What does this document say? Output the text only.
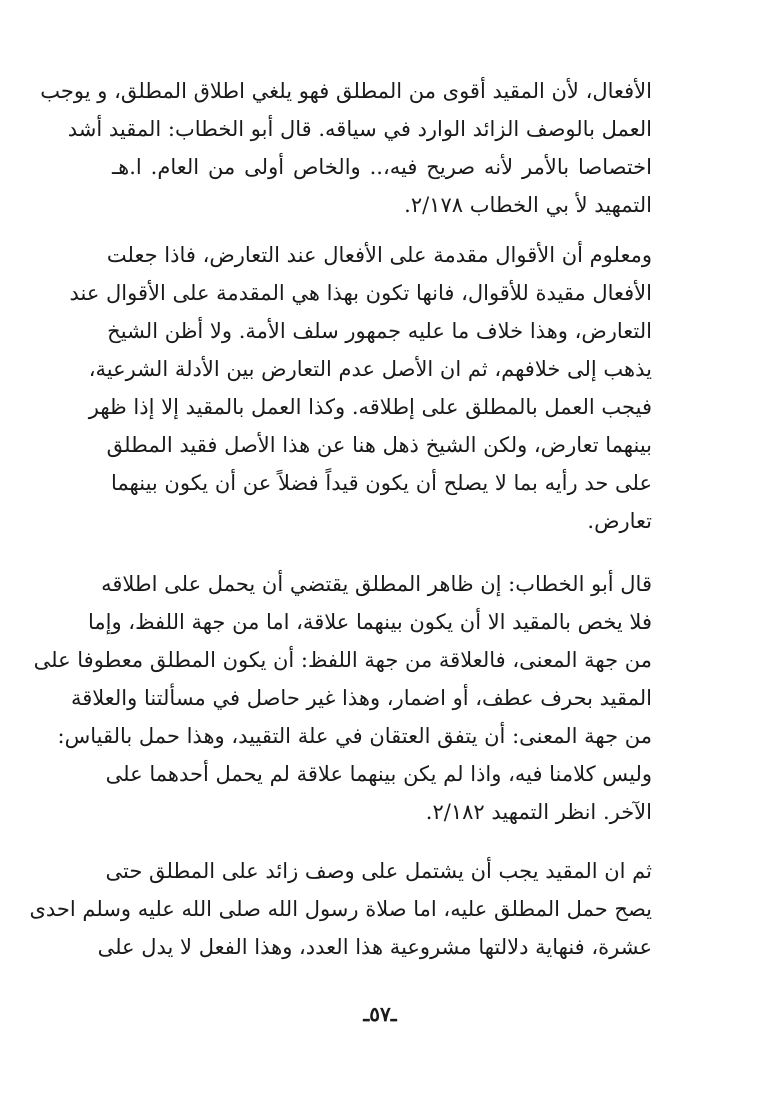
الأفعال، لأن المقيد أقوى من المطلق فهو يلغي اطلاق المطلق، و يوجب
العمل بالوصف الزائد الوارد في سياقه. قال أبو الخطاب: المقيد أشد
اختصاصا بالأمر لأنه صريح فيه،.. والخاص أولى من العام. ا.هـ
التمهيد لأ بي الخطاب ٢/١٧٨.
ومعلوم أن الأقوال مقدمة على الأفعال عند التعارض، فاذا جعلت
الأفعال مقيدة للأقوال، فانها تكون بهذا هي المقدمة على الأقوال عند
التعارض، وهذا خلاف ما عليه جمهور سلف الأمة. ولا أظن الشيخ
يذهب إلى خلافهم، ثم ان الأصل عدم التعارض بين الأدلة الشرعية،
فيجب العمل بالمطلق على إطلاقه. وكذا العمل بالمقيد إلا إذا ظهر
بينهما تعارض، ولكن الشيخ ذهل هنا عن هذا الأصل فقيد المطلق
على حد رأيه بما لا يصلح أن يكون قيداً فضلاً عن أن يكون بينهما
تعارض.
قال أبو الخطاب: إن ظاهر المطلق يقتضي أن يحمل على اطلاقه
فلا يخص بالمقيد الا أن يكون بينهما علاقة، اما من جهة اللفظ، وإما
من جهة المعنى، فالعلاقة من جهة اللفظ: أن يكون المطلق معطوفا على
المقيد بحرف عطف، أو اضمار، وهذا غير حاصل في مسألتنا والعلاقة
من جهة المعنى: أن يتفق العتقان في علة التقييد، وهذا حمل بالقياس:
وليس كلامنا فيه، واذا لم يكن بينهما علاقة لم يحمل أحدهما على
الآخر. انظر التمهيد ٢/١٨٢.
ثم ان المقيد يجب أن يشتمل على وصف زائد على المطلق حتى
يصح حمل المطلق عليه، اما صلاة رسول الله صلى الله عليه وسلم احدى
عشرة، فنهاية دلالتها مشروعية هذا العدد، وهذا الفعل لا يدل على
ـ٥٧ـ
